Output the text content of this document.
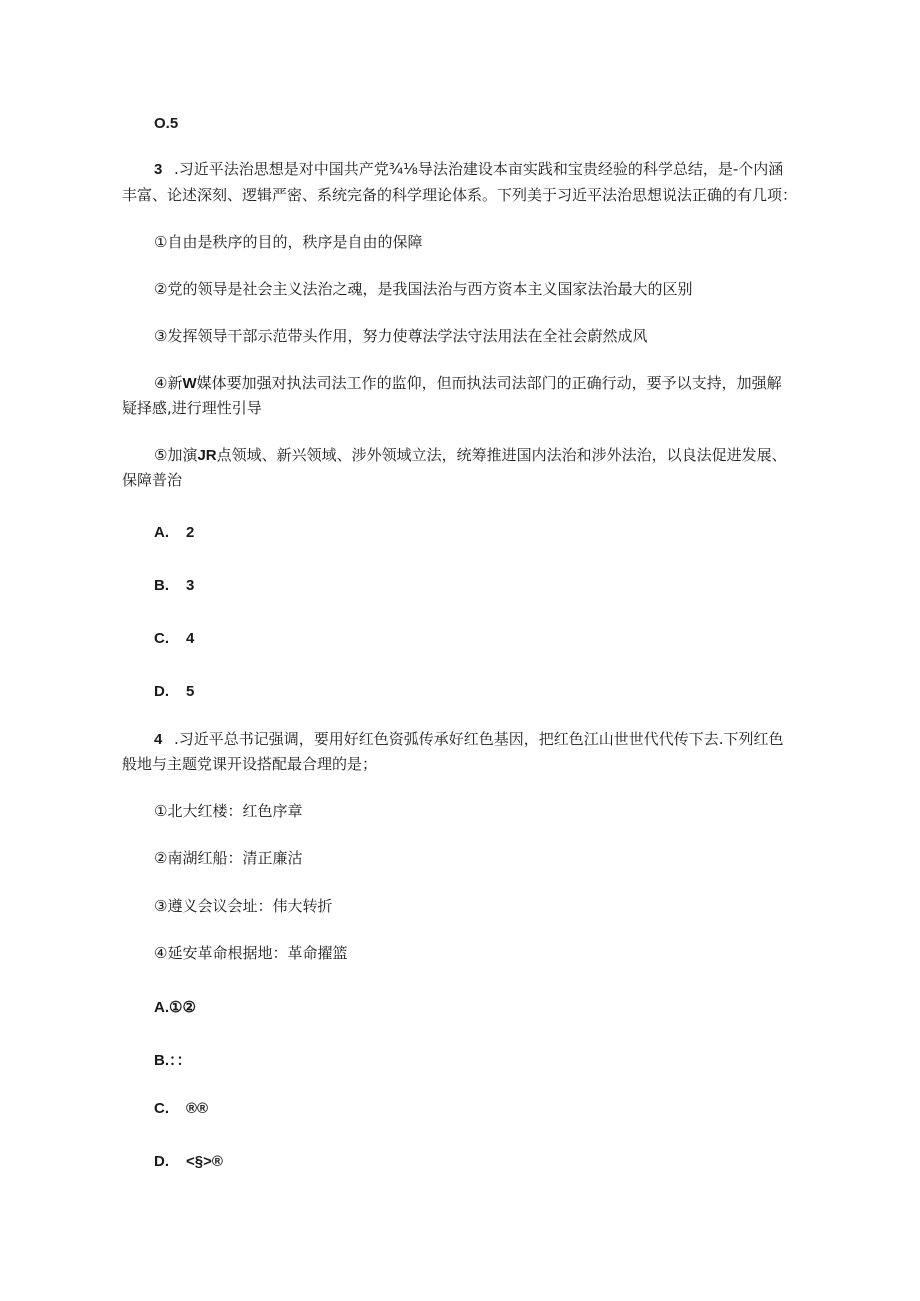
O.5
3 .习近平法治思想是对中国共产党¾⅛导法治建设本亩实践和宝贵经验的科学总结，是-个内涵
丰富、论述深刻、逻辑严密、系统完备的科学理论体系。下列美于习近平法治思想说法正确的有几项：
①自由是秩序的目的，秩序是自由的保障
②党的领导是社会主义法治之魂，是我国法治与西方资本主义国家法治最大的区别
③发挥领导干部示范带头作用，努力使尊法学法守法用法在全社会蔚然成风
④新W媒体要加强对执法司法工作的监仰，但而执法司法部门的正确行动，要予以支持，加强解
疑择感,进行理性引导
⑤加演JR点领域、新兴领域、涉外领域立法，统筹推进国内法治和涉外法治，以良法促进发展、
保障普治
A. 2
B. 3
C. 4
D. 5
4 .习近平总书记强调，要用好红色资弧传承好红色基因，把红色江山世世代代传下去.下列红色
般地与主题党课开设搭配最合理的是；
①北大红楼：红色序章
②南湖红船：清正廉沽
③遵义会议会址：伟大转折
④延安革命根据地：革命擢篮
A.①②
B.：：
C. ®®
D. <§>®
